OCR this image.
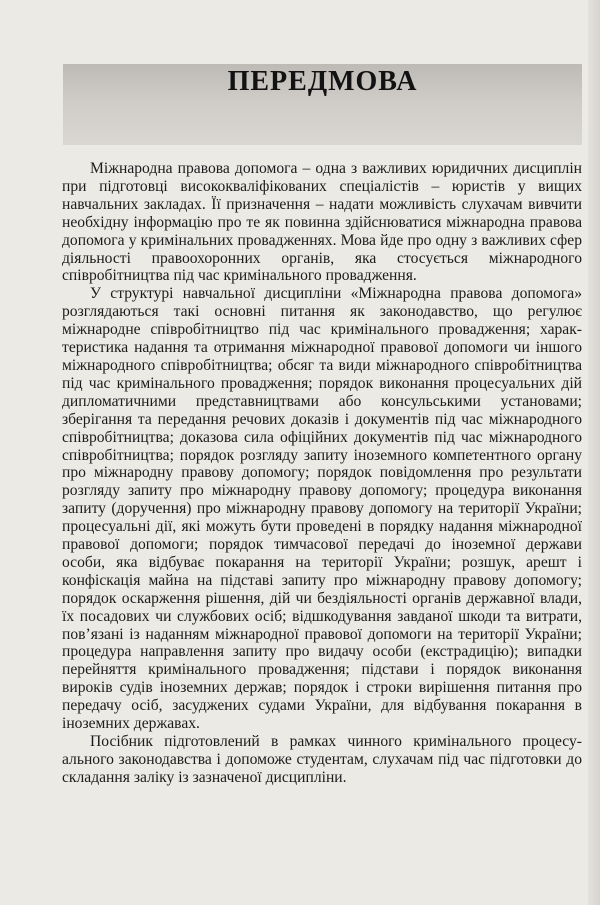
ПЕРЕДМОВА

Міжнародна правова допомога – одна з важливих юридичних дисциплін при підготовці висококваліфікованих спеціалістів – юристів у вищих навчальних закладах. Її призначення – надати можливість слухачам вивчити необхідну інформацію про те як повинна здійснюватися міжнародна правова допомога у кримінальних провадженнях. Мова йде про одну з важливих сфер діяльності правоохоронних органів, яка стосується міжнародного співробітництва під час кримінального провадження.

У структурі навчальної дисципліни «Міжнародна правова допомога» розглядаються такі основні питання як законодавство, що регулює міжнародне співробітництво під час кримінального провадження; характеристика надання та отримання міжнародної правової допомоги чи іншого міжнародного співробітництва; обсяг та види міжнародного співробітництва під час кримінального провадження; порядок виконання процесуальних дій дипломатичними представництвами або консульськими установами; зберігання та передання речових доказів і документів під час міжнародного співробітництва; доказова сила офіційних документів під час міжнародного співробітництва; порядок розгляду запиту іноземного компетентного органу про міжнародну правову допомогу; порядок повідомлення про результати розгляду запиту про міжнародну правову допомогу; процедура виконання запиту (доручення) про міжнародну правову допомогу на території України; процесуальні дії, які можуть бути проведені в порядку надання міжнародної правової допомоги; порядок тимчасової передачі до іноземної держави особи, яка відбуває покарання на території України; розшук, арешт і конфіскація майна на підставі запиту про міжнародну правову допомогу; порядок оскарження рішення, дій чи бездіяльності органів державної влади, їх посадових чи службових осіб; відшкодування завданої шкоди та витрати, пов’язані із наданням міжнародної правової допомоги на території України; процедура направлення запиту про видачу особи (екстрадицію); випадки перейняття кримінального провадження; підстави і порядок виконання вироків судів іноземних держав; порядок і строки вирішення питання про передачу осіб, засуджених судами України, для відбування покарання в іноземних державах.

Посібник підготовлений в рамках чинного кримінального процесуального законодавства і допоможе студентам, слухачам під час підготовки до складання заліку із зазначеної дисципліни.
